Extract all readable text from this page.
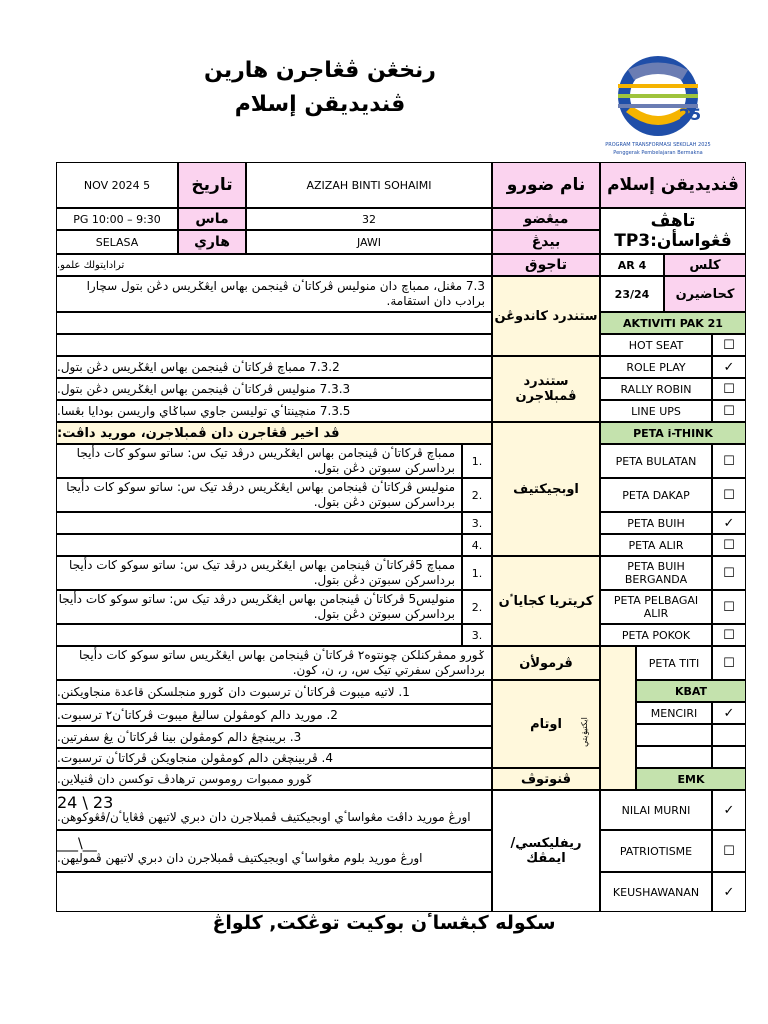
رنخڠن ڤڠاجرن هارين
ڤنديديقن إسلام	25
PROGRAM TRANSFORMASI SEKOLAH 2025
Penggerak Pembelajaran Bermakna
NOV 2024 5	تاريخ	AZIZAH BINTI SOHAIMI	نام ضورو	ڤنديديقن إسلام
PG 10:00 – 9:30	ماس	32	ميڠضو	تاهڤ ڤڠواسأن:TP3
SELASA	هاري	JAWI	بيدڠ
ترادايتولك علمو.	تاجوق	AR 4	كلس
7.3 مڠنل، ممباچ دان منوليس ڤركاتاٴن ڤينجمن بهاس ايڠݢريس دڠن بتول سچارا برادب دان استقامة.
ستندرد كاندوڠن
23/24	كحاضيرن
AKTIVITI PAK 21
HOT SEAT	☐
7.3.2 ممباچ ڤركاتاٴن ڤينجمن بهاس ايڠݢريس دڠن بتول.
7.3.3 منوليس ڤركاتاٴن ڤينجمن بهاس ايڠݢريس دڠن بتول.
7.3.5 منچينتاٴي توليسن جاوي سباݢاي واريسن بودايا بڠسا.
ستندرد ڤمبلاجرن
ROLE PLAY	✓
RALLY ROBIN	☐
LINE UPS	☐
ڤد اخير ڤڠاجرن دان ڤمبلاجرن، موريد داڤت:	PETA i-THINK
ممباچ ڤركاتاٴن ڤينجامن بهاس ايڠݢريس درڤد تيک س: ساتو سوکو کات دأيجا برداسرکن سبوتن دڠن بتول.	1.
منوليس ڤركاتاٴن ڤينجامن بهاس ايڠݢريس درڤد تيک س: ساتو سوکو کات دأيجا برداسرکن سبوتن دڠن بتول.	2.
3.
4.
اوبجيكتيف
PETA BULATAN	☐
PETA DAKAP	☐
PETA BUIH	✓
PETA ALIR	☐
ممباچ 5ڤركاتاٴن ڤينجامن بهاس ايڠݢريس درڤد تيک س: ساتو سوکو کات دأيجا برداسرکن سبوتن دڠن بتول.	1.
منوليس5 ڤركاتاٴن ڤينجامن بهاس ايڠݢريس درڤد تيک س: ساتو سوکو کات دأيجا برداسرکن سبوتن دڠن بتول.	2.
3.
كريتريا كجاياٴن
PETA BUIH BERGANDA	☐
PETA PELBAGAI ALIR	☐
PETA POKOK	☐
ݢورو ممڤركنلكن چونتوه٢ ڤركاتاٴن ڤينجامن بهاس ايڠݢريس ساتو سوکو کات دأيجا برداسرکن سفرتي تيک س، ر، ن، كون.	ڤرمولأن	PETA TITI	☐
1. لاتيه ميبوت ڤركاتاٴن ترسبوت دان ݢورو منجلسكن قاعدة منجاويكنن.
2. موريد دالم كومڤولن ساليڠ ميبوت ڤركاتاٴن٢ ترسبوت.
3. بريبنچڠ دالم كومڤولن بينا ڤركاتاٴن يڠ سفرتين.
4. ڤربينچڠن دالم كومڤولن منجاويكن ڤركاتاٴن ترسبوت.
اوتام	ايکتيۏيتي
KBAT
MENCIRI	✓
ݢورو ممبوات روموسن ترهادڤ توكسن دان ڤنيلاين.	ڤنوتوڤ	EMK
23 \ 24
اورڠ موريد داڤت مڠواساٴي اوبجيكتيف ڤمبلاجرن دان دبري لاتيهن ڤڠاياٴن/ڤڠوكوهن.
__\___
اورڠ موريد بلوم مڠواساٴي اوبجيكتيف ڤمبلاجرن دان دبري لاتيهن ڤموليهن.
ريفليكسي/ ايمڤك
NILAI MURNI	✓
PATRIOTISME	☐
KEUSHAWANAN	✓
سكوله كبڠساٴن بوكيت توڠكت, كلواڠ
